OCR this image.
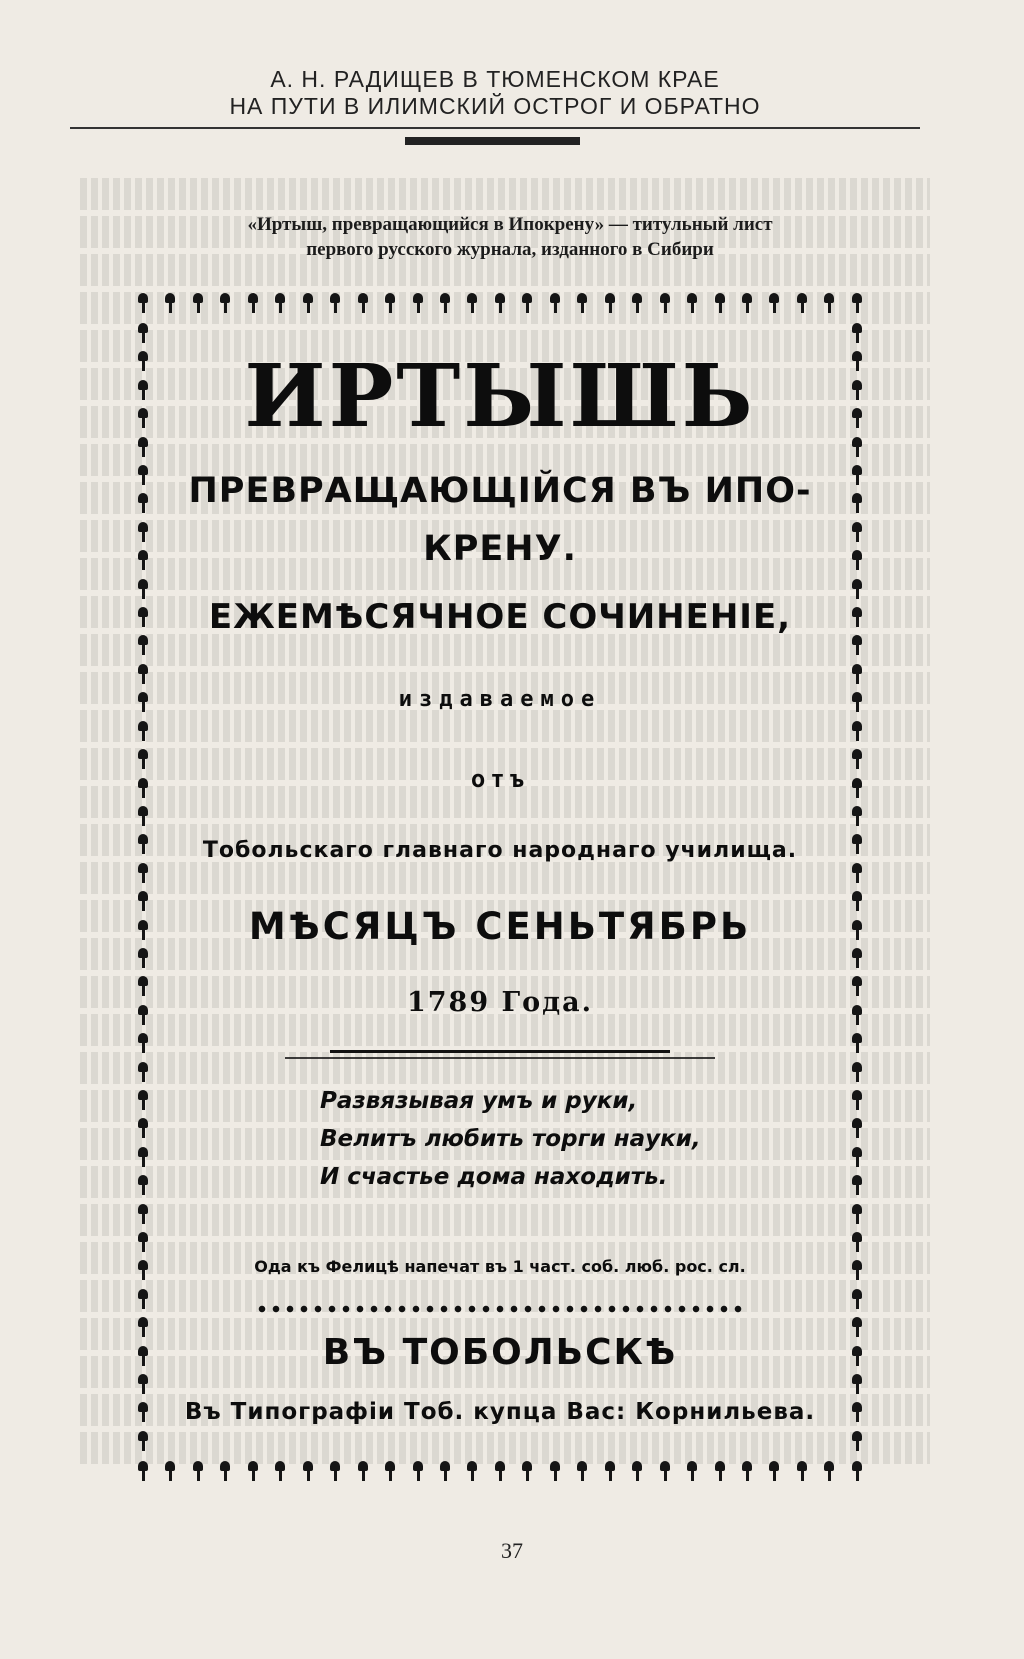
А. Н. РАДИЩЕВ В ТЮМЕНСКОМ КРАЕ
НА ПУТИ В ИЛИМСКИЙ ОСТРОГ И ОБРАТНО
«Иртыш, превращающийся в Ипокрену» — титульный лист
первого русского журнала, изданного в Сибири
ИРТЫШЬ
ПРЕВРАЩАЮЩІЙСЯ ВЪ ИПО-
КРЕНУ.
ЕЖЕМѢСЯЧНОЕ СОЧИНЕНІЕ,
издаваемое
отъ
Тобольскаго главнаго народнаго училища.
МѢСЯЦЪ СЕНЬТЯБРЬ
1789 Года.
Развязывая умъ и руки,
Велитъ любить торги науки,
И счастье дома находить.
Ода къ Фелицѣ напечат въ 1 част. соб. люб. рос. сл.
ВЪ ТОБОЛЬСКѢ
Въ Типографіи Тоб. купца Вас: Корнильева.
37
